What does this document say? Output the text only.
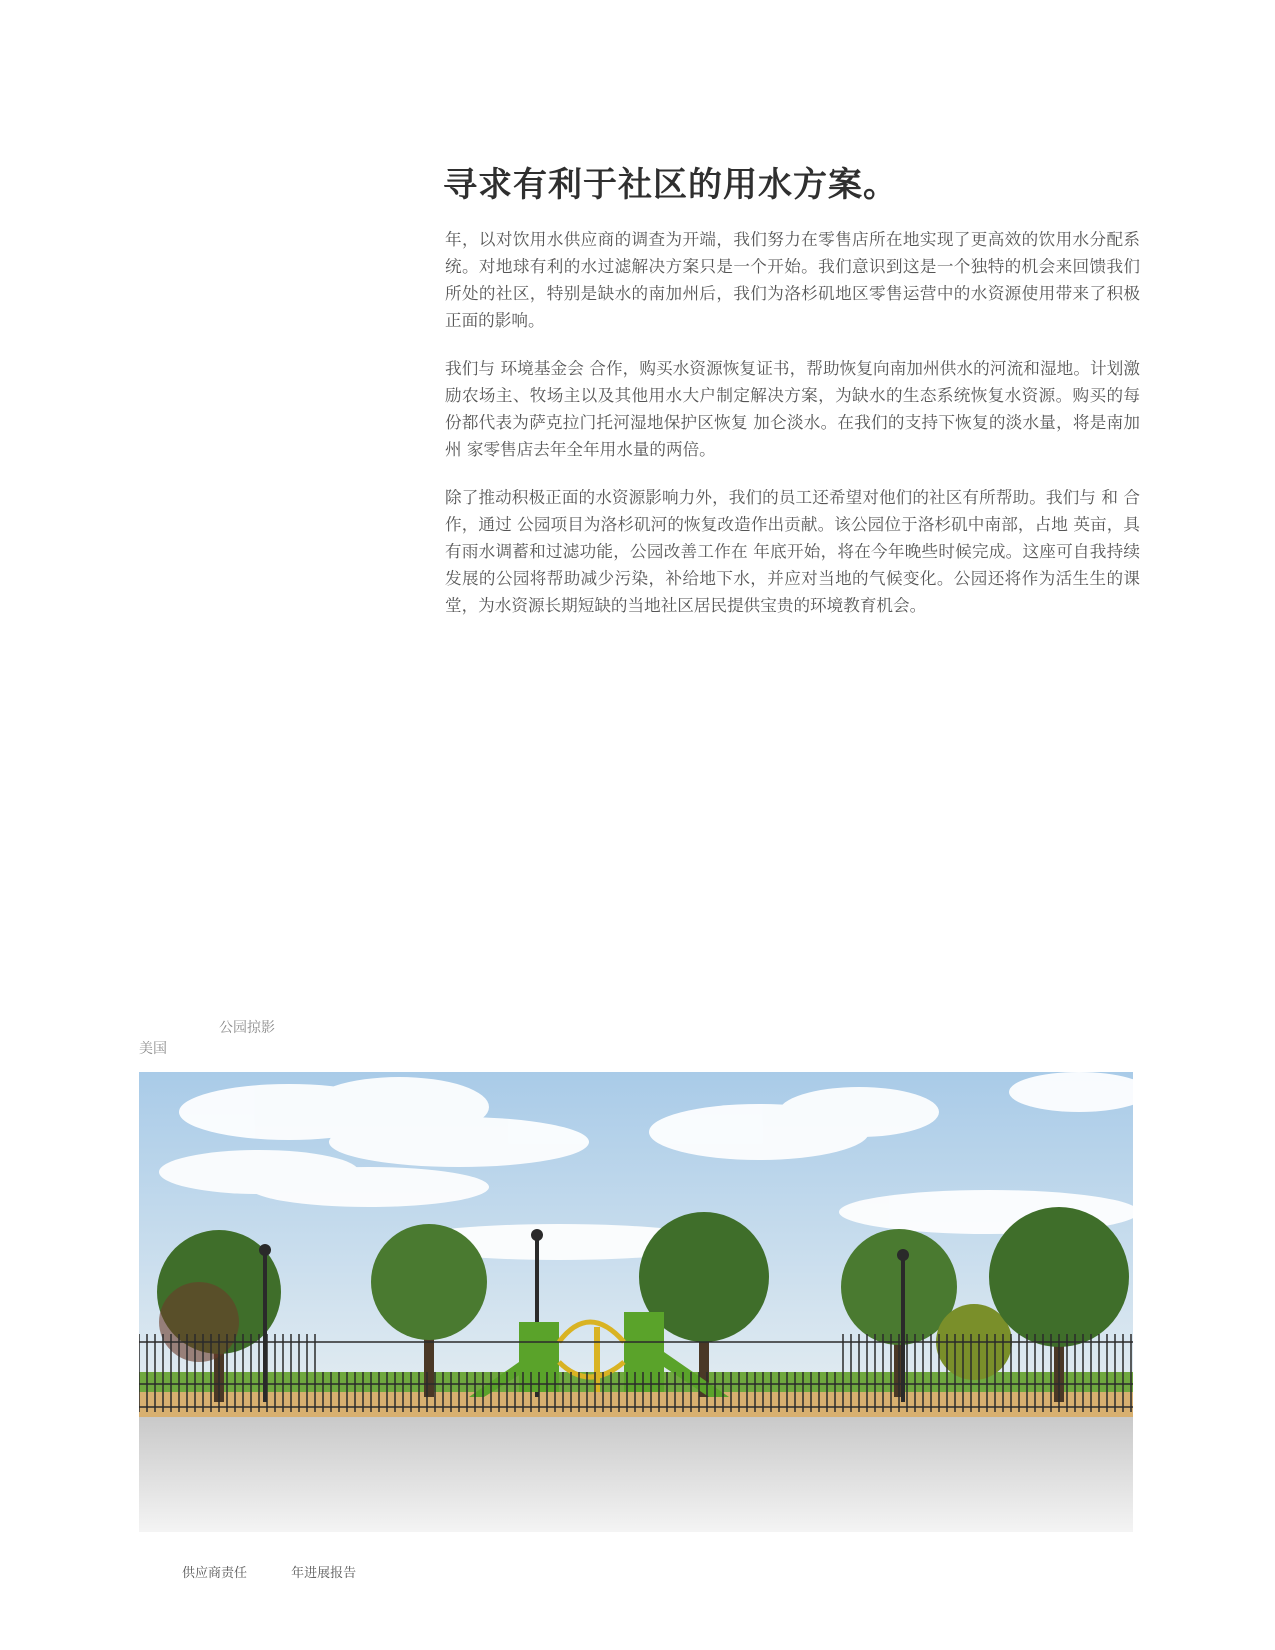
寻求有利于社区的用水方案。

年，以对饮用水供应商的调查为开端，我们努力在零售店所在地实现了更高效的饮用水分配系统。对地球有利的水过滤解决方案只是一个开始。我们意识到这是一个独特的机会来回馈我们所处的社区，特别是缺水的南加州后，我们为洛杉矶地区零售运营中的水资源使用带来了积极正面的影响。

我们与 环境基金会 合作，购买水资源恢复证书，帮助恢复向南加州供水的河流和湿地。计划激励农场主、牧场主以及其他用水大户制定解决方案，为缺水的生态系统恢复水资源。购买的每份都代表为萨克拉门托河湿地保护区恢复 加仑淡水。在我们的支持下恢复的淡水量，将是南加州 家零售店去年全年用水量的两倍。

除了推动积极正面的水资源影响力外，我们的员工还希望对他们的社区有所帮助。我们与 和 合作，通过 公园项目为洛杉矶河的恢复改造作出贡献。该公园位于洛杉矶中南部，占地 英亩，具有雨水调蓄和过滤功能，公园改善工作在 年底开始，将在今年晚些时候完成。这座可自我持续发展的公园将帮助减少污染，补给地下水，并应对当地的气候变化。公园还将作为活生生的课堂，为水资源长期短缺的当地社区居民提供宝贵的环境教育机会。

公园掠影
美国
供应商责任	年进展报告
